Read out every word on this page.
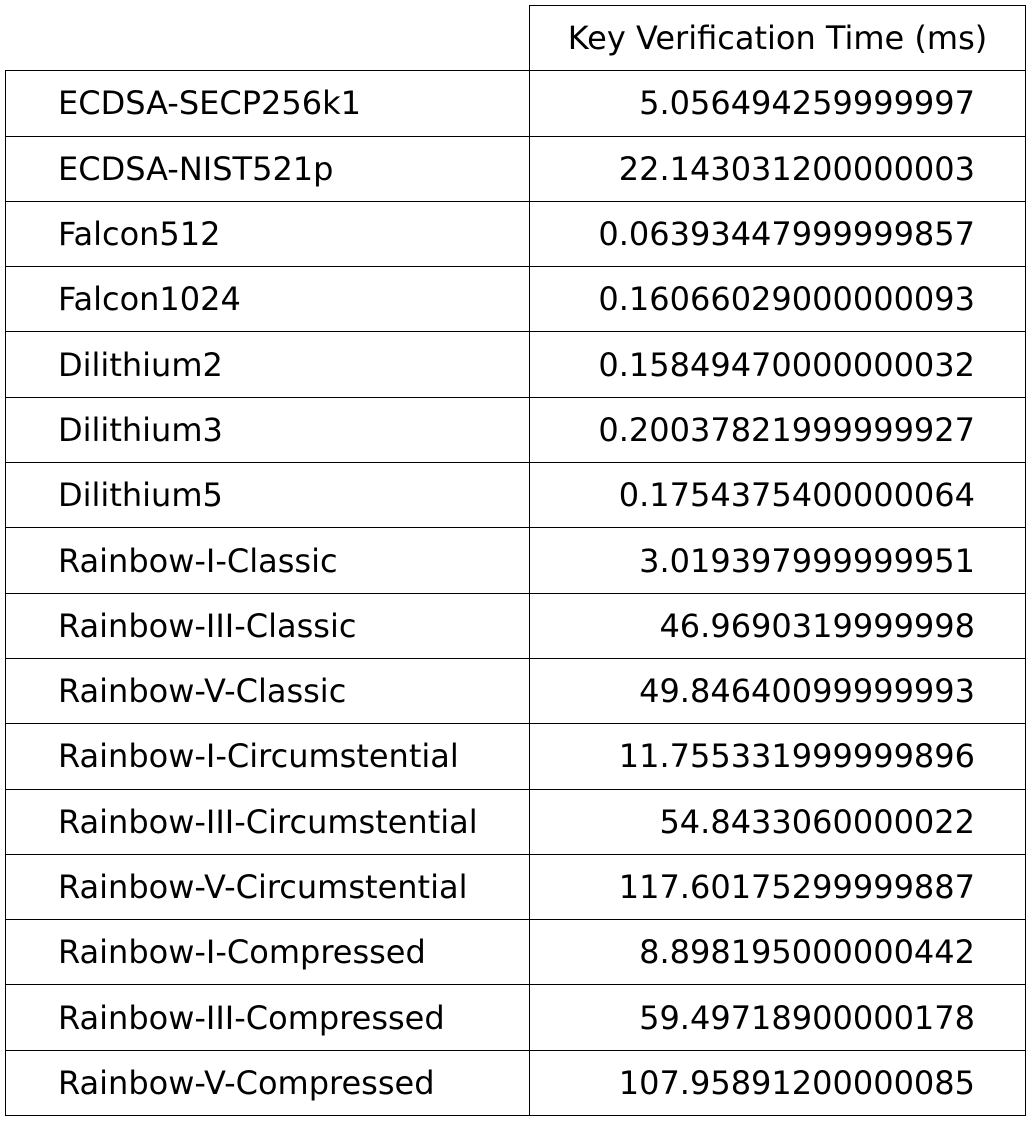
	Key Verification Time (ms)
ECDSA-SECP256k1	5.056494259999997
ECDSA-NIST521p	22.143031200000003
Falcon512	0.06393447999999857
Falcon1024	0.16066029000000093
Dilithium2	0.15849470000000032
Dilithium3	0.20037821999999927
Dilithium5	0.1754375400000064
Rainbow-I-Classic	3.019397999999951
Rainbow-III-Classic	46.9690319999998
Rainbow-V-Classic	49.84640099999993
Rainbow-I-Circumstential	11.755331999999896
Rainbow-III-Circumstential	54.8433060000022
Rainbow-V-Circumstential	117.60175299999887
Rainbow-I-Compressed	8.898195000000442
Rainbow-III-Compressed	59.49718900000178
Rainbow-V-Compressed	107.95891200000085
